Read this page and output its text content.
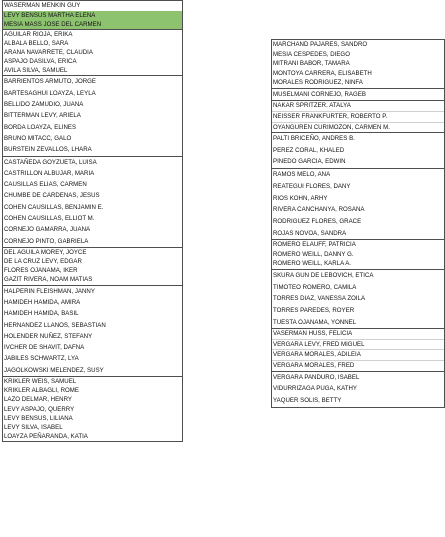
WASERMAN MENKIN GUY
LEVY BENSUS MARTHA ELENA
MESIA MASS JOSE DEL CARMEN
AGUILAR RIOJA, ERIKA
ALBALA BELLO, SARA
ARANA NAVARRETE, CLAUDIA
ASPAJO DASILVA, ERICA
AVILA SILVA, SAMUEL
BARRIENTOS ARMUTO, JORGE
BARTESAGHUI LOAYZA, LEYLA
BELLIDO ZAMUDIO, JUANA
BITTERMAN LEVY, ARIELA
BORDA LOAYZA, ELINES
BRUNO MITACC, GALO
BURSTEIN ZEVALLOS, LHARA
CASTAÑEDA GOYZUETA, LUISA
CASTRILLON ALBUJAR, MARIA
CAUSILLAS ELIAS, CARMEN
CHUMBE DE CARDENAS, JESUS
COHEN CAUSILLAS, BENJAMIN E.
COHEN CAUSILLAS, ELLIOT M.
CORNEJO GAMARRA, JUANA
CORNEJO PINTO, GABRIELA
DEL AGUILA MOREY, JOYCE
DE LA CRUZ LEVY, EDGAR
FLORES OJANAMA, IKER
GAZIT RIVERA, NOAM MATIAS
HALPERIN FLEISHMAN, JANNY
HAMIDEH HAMIDA, AMIRA
HAMIDEH HAMIDA, BASIL
HERNANDEZ LLANOS, SEBASTIAN
HOLENDER NUÑEZ, STEFANY
IVCHER DE SHAVIT, DAFNA
JABILES SCHWARTZ, LYA
JAGOLKOWSKI MELENDEZ, SUSY
KRIKLER WEIS, SAMUEL
KRIKLER ALBAGLI, ROME
LAZO DELMAR, HENRY
LEVY ASPAJO, QUERRY
LEVY BENSUS, LILIANA
LEVY SILVA, ISABEL
LOAYZA PEÑARANDA, KATIA
MARCHAND PAJARES, SANDRO
MESIA CESPEDES, DIEGO
MITRANI BABOR, TAMARA
MONTOYA CARRERA, ELISABETH
MORALES RODRIGUEZ, NINFA
MUSELMANI CORNEJO, RAGEB
NAKAR SPRITZER. ATALYA
NEISSER FRANKFURTER, ROBERTO P.
OYANGUREN CURIMOZON, CARMEN M.
PALTI BRICEÑO, ANDRES B.
PEREZ CORAL, KHALED
PINEDO GARCIA, EDWIN
RAMOS MELO, ANA
REATEGUI FLORES, DANY
RIOS KOHN, ARHY
RIVERA CANCHANYA, ROSANA
RODRIGUEZ FLORES, GRACE
ROJAS NOVOA, SANDRA
ROMERO ELAUFF, PATRICIA
ROMERO WEILL, DANNY G.
ROMERO WEILL, KARLA A.
SKURA GUN DE LEBOVICH, ETICA
TIMOTEO ROMERO, CAMILA
TORRES DIAZ, VANESSA ZOILA
TORRES PAREDES, ROYER
TUESTA OJANAMA, YONNEL
VASERMAN HUSS, FELICIA
VERGARA LEVY, FRED MIGUEL
VERGARA MORALES, ADILEIA
VERGARA MORALES, FRED
VERGARA PANDURO, ISABEL
VIDURRIZAGA PUGA, KATHY
YAQUER SOLIS, BETTY
